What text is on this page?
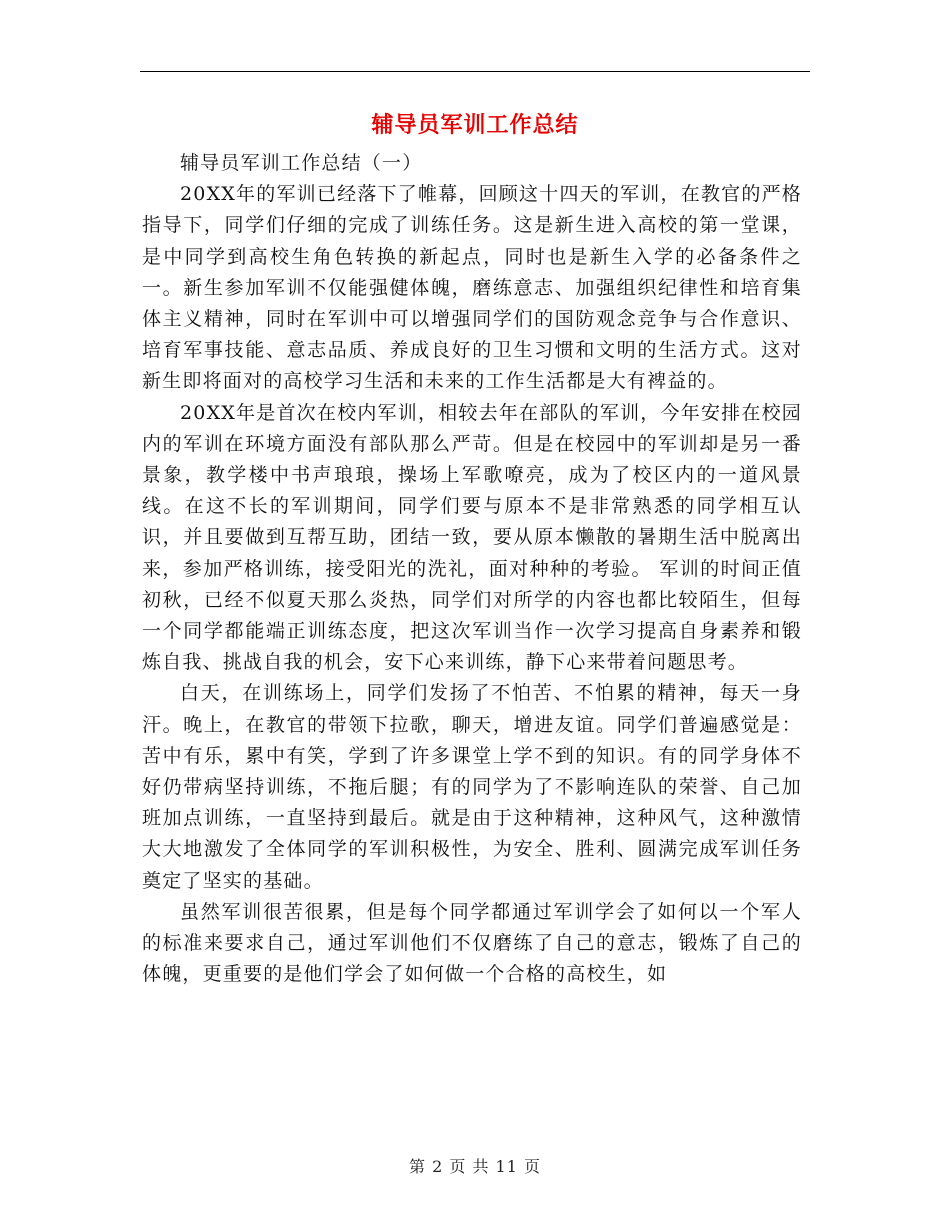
辅导员军训工作总结

辅导员军训工作总结（一）

20XX年的军训已经落下了帷幕，回顾这十四天的军训，在教官的严格指导下，同学们仔细的完成了训练任务。这是新生进入高校的第一堂课，是中同学到高校生角色转换的新起点，同时也是新生入学的必备条件之一。新生参加军训不仅能强健体魄，磨练意志、加强组织纪律性和培育集体主义精神，同时在军训中可以增强同学们的国防观念竞争与合作意识、培育军事技能、意志品质、养成良好的卫生习惯和文明的生活方式。这对新生即将面对的高校学习生活和未来的工作生活都是大有裨益的。

20XX年是首次在校内军训，相较去年在部队的军训，今年安排在校园内的军训在环境方面没有部队那么严苛。但是在校园中的军训却是另一番景象，教学楼中书声琅琅，操场上军歌嘹亮，成为了校区内的一道风景线。在这不长的军训期间，同学们要与原本不是非常熟悉的同学相互认识，并且要做到互帮互助，团结一致，要从原本懒散的暑期生活中脱离出来，参加严格训练，接受阳光的洗礼，面对种种的考验。 军训的时间正值初秋，已经不似夏天那么炎热，同学们对所学的内容也都比较陌生，但每一个同学都能端正训练态度，把这次军训当作一次学习提高自身素养和锻炼自我、挑战自我的机会，安下心来训练，静下心来带着问题思考。

白天，在训练场上，同学们发扬了不怕苦、不怕累的精神，每天一身汗。晚上，在教官的带领下拉歌，聊天，增进友谊。同学们普遍感觉是：苦中有乐，累中有笑，学到了许多课堂上学不到的知识。有的同学身体不好仍带病坚持训练，不拖后腿；有的同学为了不影响连队的荣誉、自己加班加点训练，一直坚持到最后。就是由于这种精神，这种风气，这种激情大大地激发了全体同学的军训积极性，为安全、胜利、圆满完成军训任务奠定了坚实的基础。

虽然军训很苦很累，但是每个同学都通过军训学会了如何以一个军人的标准来要求自己，通过军训他们不仅磨练了自己的意志，锻炼了自己的体魄，更重要的是他们学会了如何做一个合格的高校生，如

第 2 页 共 11 页
